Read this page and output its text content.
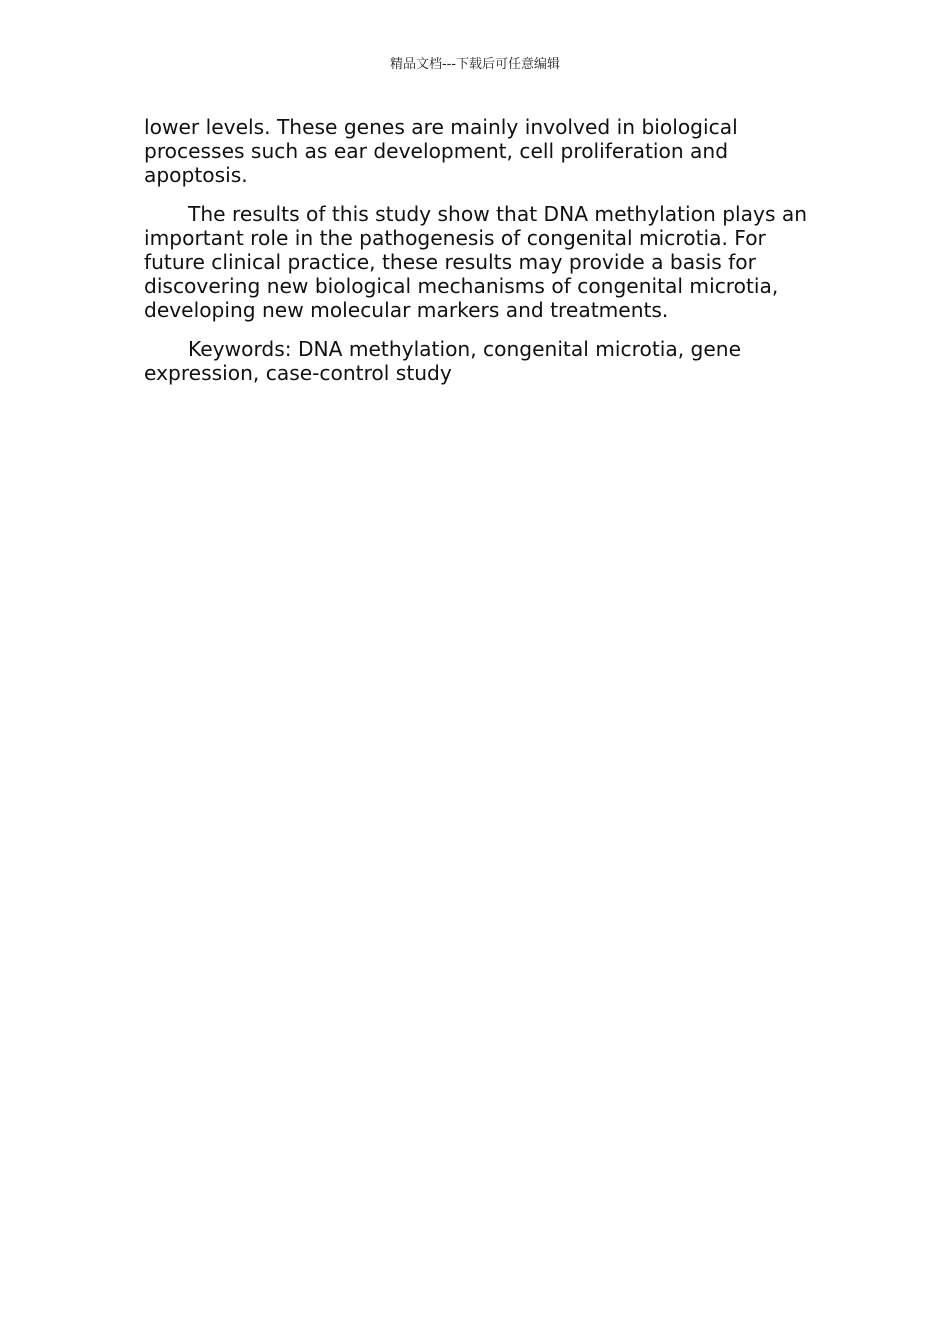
精品文档---下载后可任意编辑

lower levels. These genes are mainly involved in biological processes such as ear development, cell proliferation and apoptosis.

The results of this study show that DNA methylation plays an important role in the pathogenesis of congenital microtia. For future clinical practice, these results may provide a basis for discovering new biological mechanisms of congenital microtia, developing new molecular markers and treatments.

Keywords: DNA methylation, congenital microtia, gene expression, case-control study
